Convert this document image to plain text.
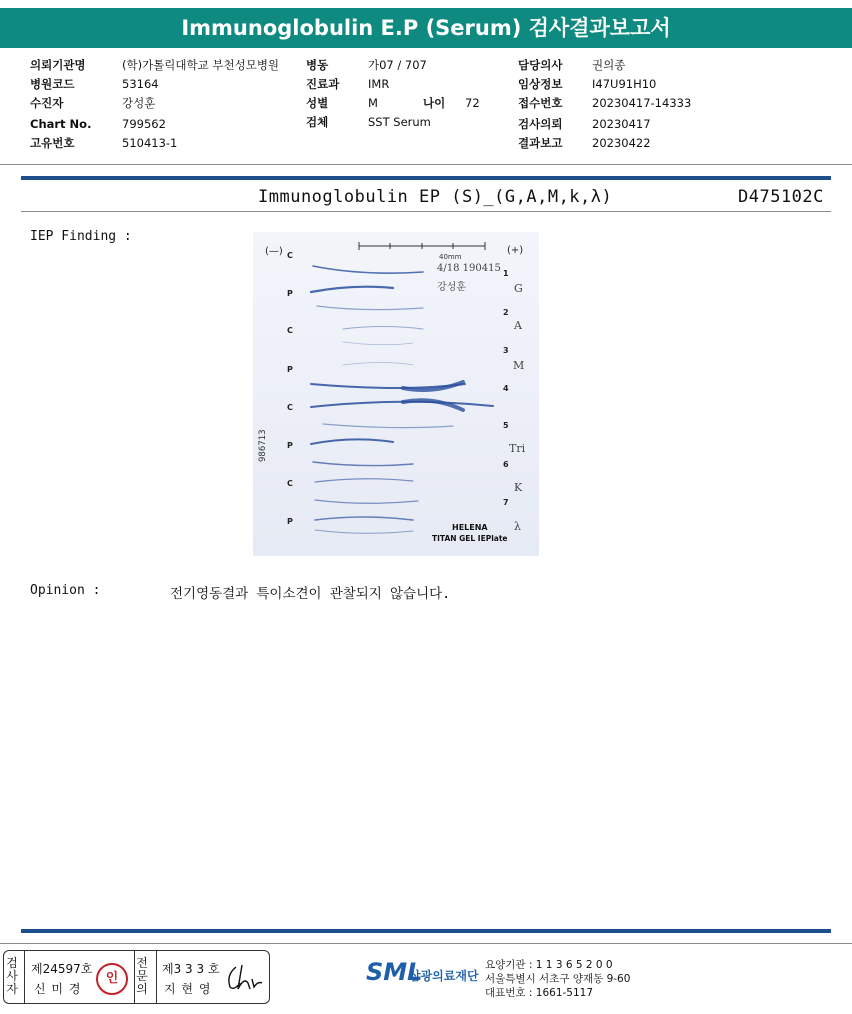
Immunoglobulin E.P (Serum) 검사결과보고서
의뢰기관명	(학)가톨릭대학교 부천성모병원
병원코드	53164
수진자	강성훈
Chart No.	799562
고유번호	510413-1
병동	가07 / 707
진료과 IMR
성별	M	나이 72
검체	SST Serum
담당의사	권의종
임상정보	I47U91H10
접수번호	20230417-14333
검사의뢰	20230417
결과보고	20230422
Immunoglobulin EP (S)_(G,A,M,k,λ)	D475102C
IEP Finding :
(—)	(+)
40mm
4/18 190415
강성훈
986713
C
P
C
P
C
P
C
P
1
2
3
4
5
6
7
G
A
M
Tri
K
λ
HELENA
TITAN GEL IEPlate
Opinion :	전기영동결과 특이소견이 관찰되지 않습니다.
검사자
제24597호
신 미 경
인
전문의
제3 3 3 호
지 현 영
SML
삼광의료재단
요양기관 : 1 1 3 6 5 2 0 0
서울특별시 서초구 양재동 9-60
대표번호 : 1661-5117
